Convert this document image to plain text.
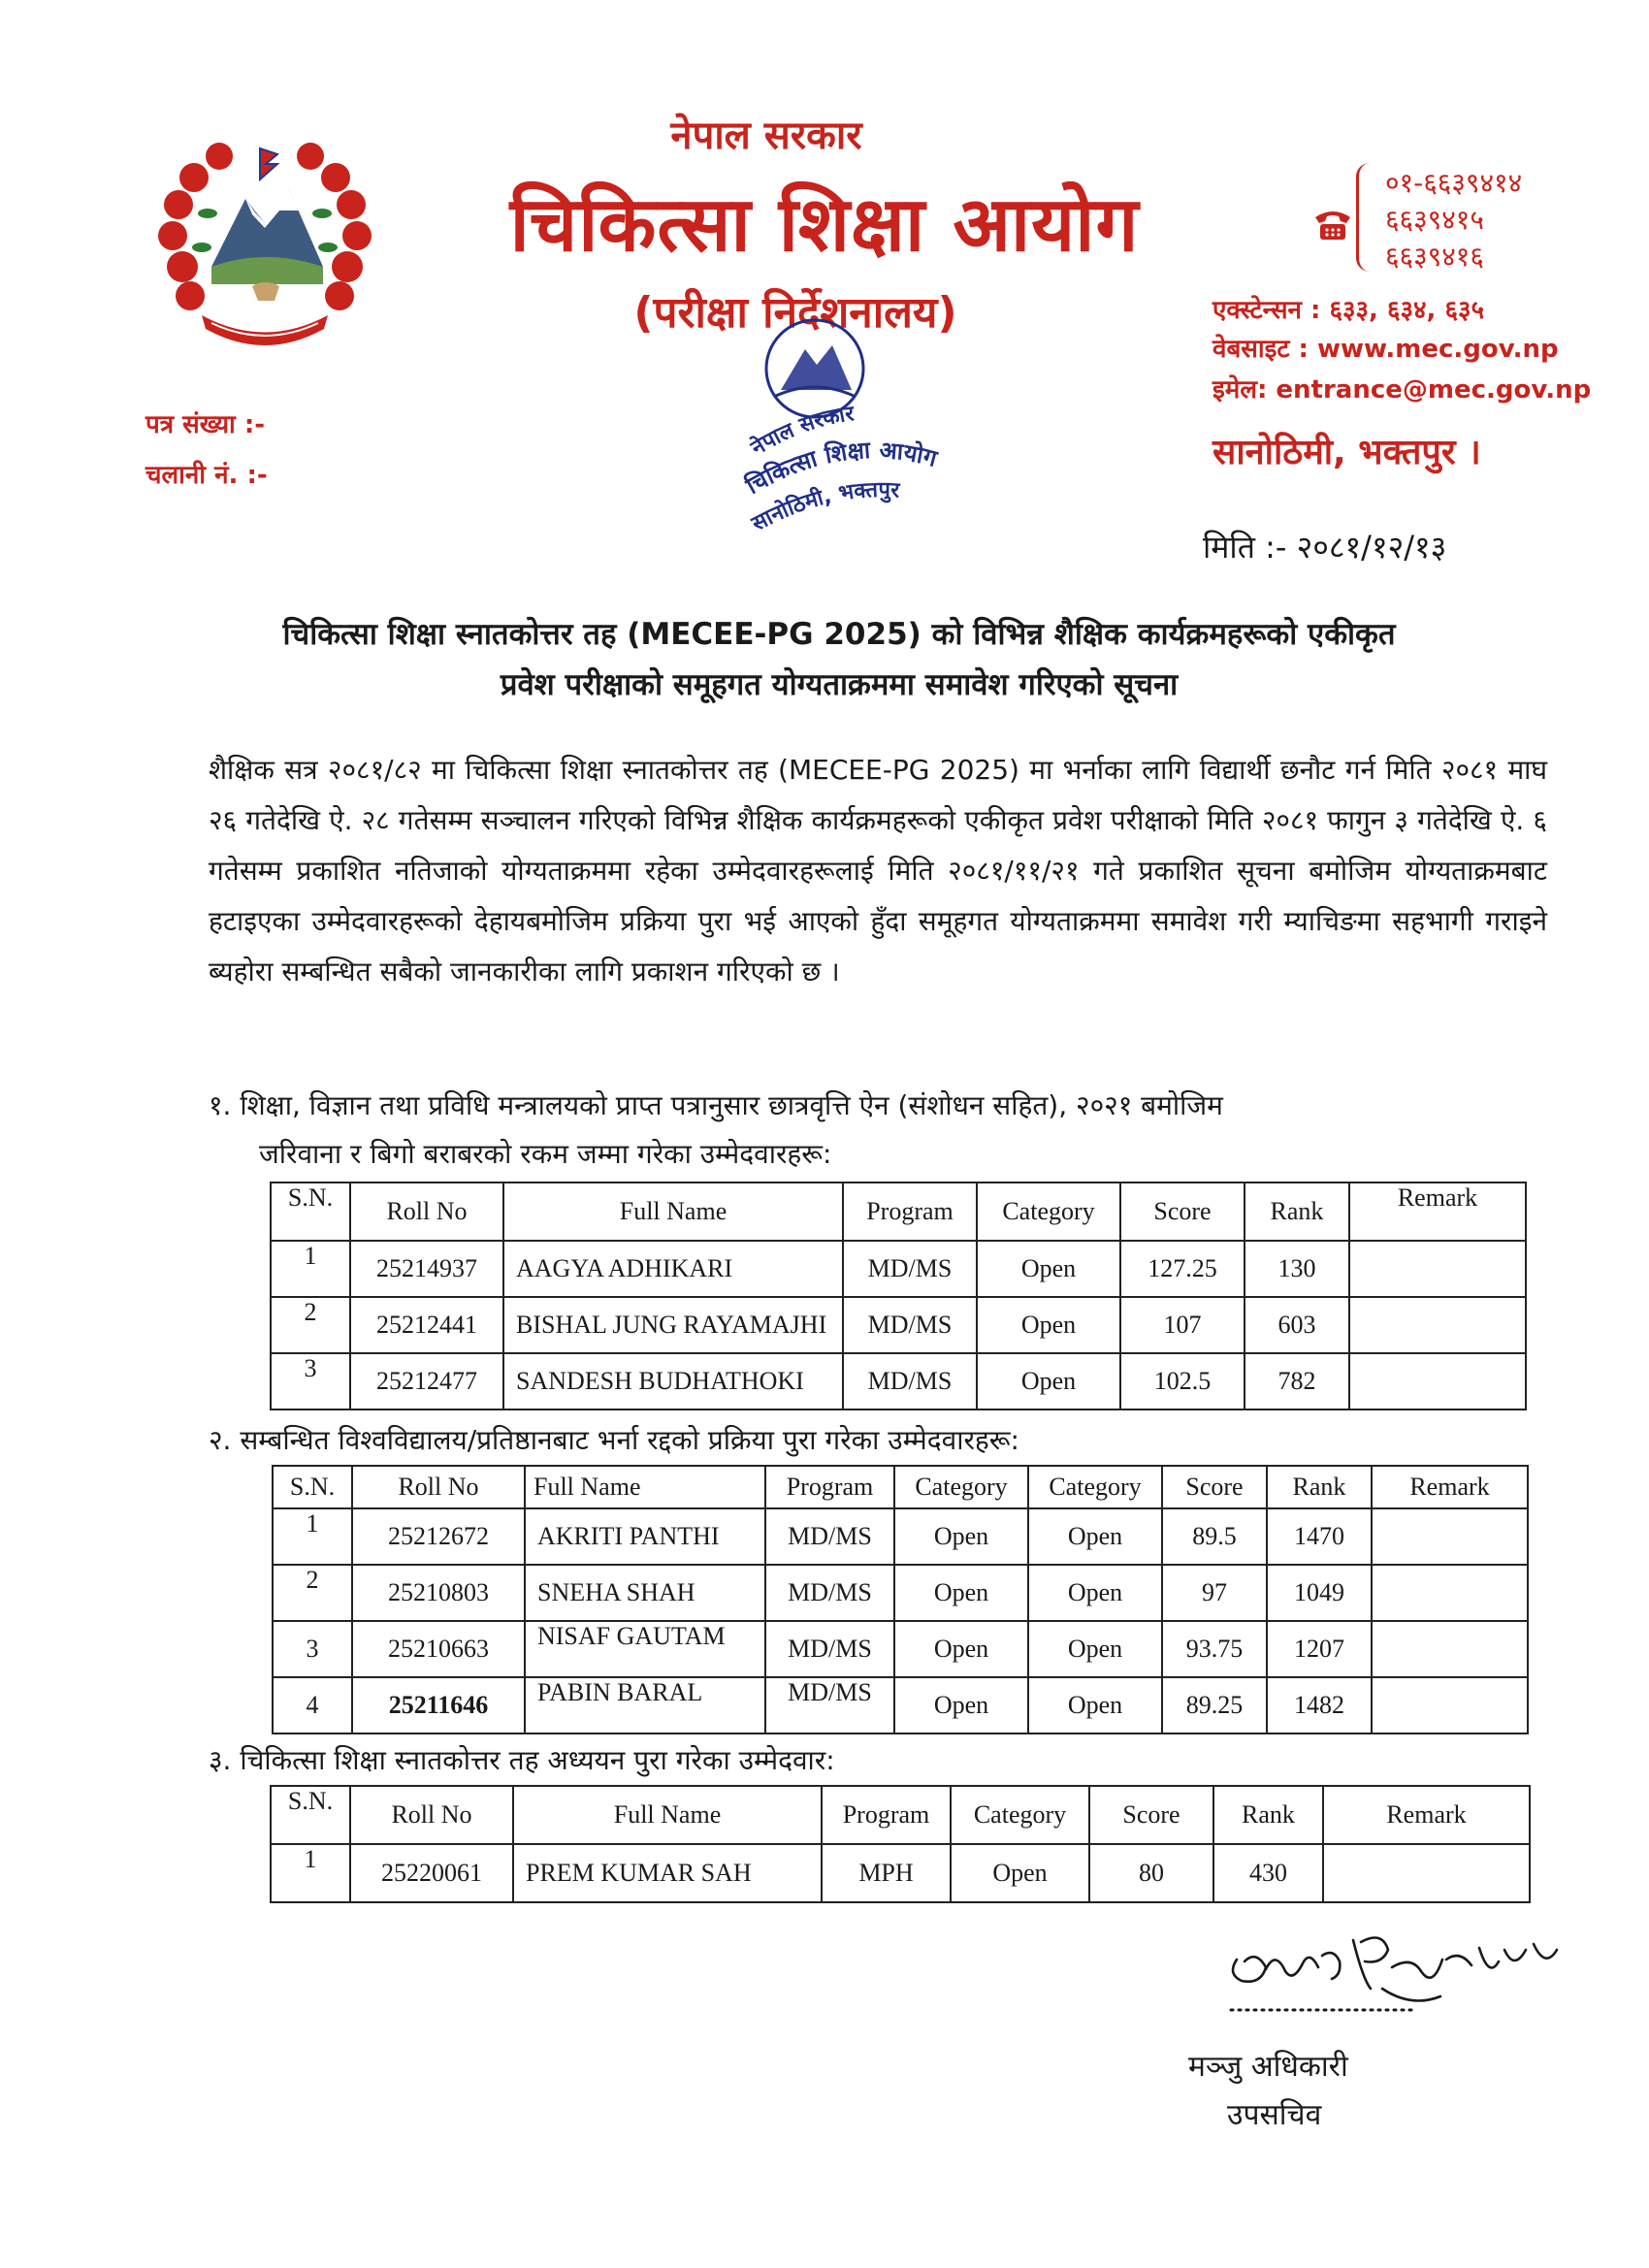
नेपाल सरकार
चिकित्सा शिक्षा आयोग
(परीक्षा निर्देशनालय)
०१-६६३९४१४
६६३९४१५
६६३९४१६
एक्स्टेन्सन : ६३३, ६३४, ६३५
वेबसाइट : www.mec.gov.np
इमेल: entrance@mec.gov.np
सानोठिमी, भक्तपुर ।
पत्र संख्या :-
चलानी नं. :-
नेपाल सरकार
चिकित्सा शिक्षा आयोग
सानोठिमी, भक्तपुर
मिति :- २०८१/१२/१३
चिकित्सा शिक्षा स्नातकोत्तर तह (MECEE-PG 2025) को विभिन्न शैक्षिक कार्यक्रमहरूको एकीकृत
प्रवेश परीक्षाको समूहगत योग्यताक्रममा समावेश गरिएको सूचना
शैक्षिक सत्र २०८१/८२ मा चिकित्सा शिक्षा स्नातकोत्तर तह (MECEE-PG 2025) मा भर्नाका लागि विद्यार्थी छनौट गर्न मिति २०८१ माघ २६ गतेदेखि ऐ. २८ गतेसम्म सञ्चालन गरिएको विभिन्न शैक्षिक कार्यक्रमहरूको एकीकृत प्रवेश परीक्षाको मिति २०८१ फागुन ३ गतेदेखि ऐ. ६ गतेसम्म प्रकाशित नतिजाको योग्यताक्रममा रहेका उम्मेदवारहरूलाई मिति २०८१/११/२१ गते प्रकाशित सूचना बमोजिम योग्यताक्रमबाट हटाइएका उम्मेदवारहरूको देहायबमोजिम प्रक्रिया पुरा भई आएको हुँदा समूहगत योग्यताक्रममा समावेश गरी म्याचिङमा सहभागी गराइने ब्यहोरा सम्बन्धित सबैको जानकारीका लागि प्रकाशन गरिएको छ ।
१. शिक्षा, विज्ञान तथा प्रविधि मन्त्रालयको प्राप्त पत्रानुसार छात्रवृत्ति ऐन (संशोधन सहित), २०२१ बमोजिम
जरिवाना र बिगो बराबरको रकम जम्मा गरेका उम्मेदवारहरू:
S.N.	Roll No	Full Name	Program	Category	Score	Rank	Remark
1	25214937	AAGYA ADHIKARI	MD/MS	Open	127.25	130	
2	25212441	BISHAL JUNG RAYAMAJHI	MD/MS	Open	107	603	
3	25212477	SANDESH BUDHATHOKI	MD/MS	Open	102.5	782	
२. सम्बन्धित विश्वविद्यालय/प्रतिष्ठानबाट भर्ना रद्दको प्रक्रिया पुरा गरेका उम्मेदवारहरू:
S.N.	Roll No	Full Name	Program	Category	Category	Score	Rank	Remark
1	25212672	AKRITI PANTHI	MD/MS	Open	Open	89.5	1470	
2	25210803	SNEHA SHAH	MD/MS	Open	Open	97	1049	
3	25210663	NISAF GAUTAM	MD/MS	Open	Open	93.75	1207	
4	25211646	PABIN BARAL	MD/MS	Open	Open	89.25	1482	
३. चिकित्सा शिक्षा स्नातकोत्तर तह अध्ययन पुरा गरेका उम्मेदवार:
S.N.	Roll No	Full Name	Program	Category	Score	Rank	Remark
1	25220061	PREM KUMAR SAH	MPH	Open	80	430	
मञ्जु अधिकारी
उपसचिव
